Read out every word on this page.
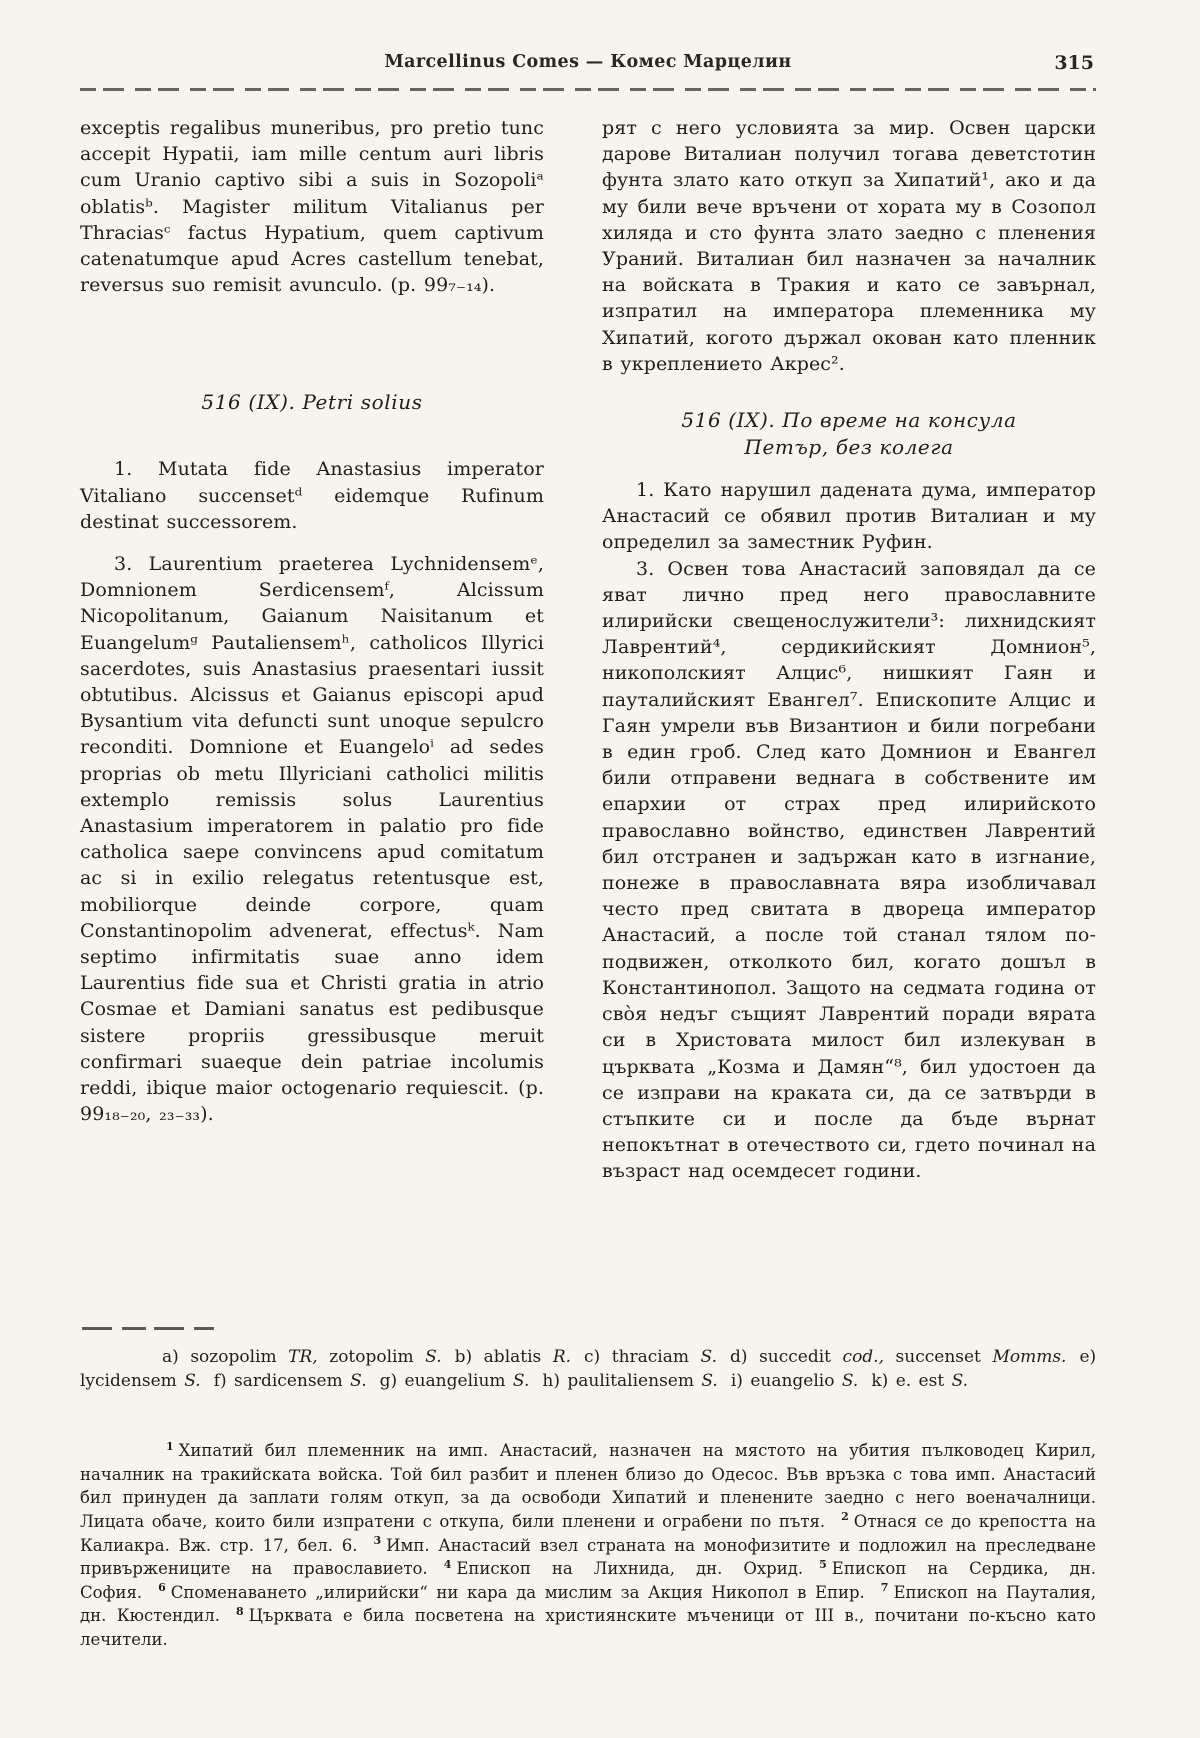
Marcellinus Comes — Комес Марцелин	315

exceptis regalibus muneribus, pro pretio tunc accepit Hypatii, iam mille centum auri libris cum Uranio captivo sibi a suis in Sozopoliᵃ oblatisᵇ. Magister militum Vitalianus per Thraciasᶜ factus Hypatium, quem captivum catenatumque apud Acres castellum tenebat, reversus suo remisit avunculo. (p. 99₇₋₁₄).

516 (IX). Petri solius

1. Mutata fide Anastasius imperator Vitaliano succensetᵈ eidemque Rufinum destinat successorem.

3. Laurentium praeterea Lychnidensemᵉ, Domnionem Serdicensemᶠ, Alcissum Nicopolitanum, Gaianum Naisitanum et Euangelumᵍ Pautaliensemʰ, catholicos Illyrici sacerdotes, suis Anastasius praesentari iussit obtutibus. Alcissus et Gaianus episcopi apud Bysantium vita defuncti sunt unoque sepulcro reconditi. Domnione et Euangeloⁱ ad sedes proprias ob metu Illyriciani catholici militis extemplo remissis solus Laurentius Anastasium imperatorem in palatio pro fide catholica saepe convincens apud comitatum ac si in exilio relegatus retentusque est, mobiliorque deinde corpore, quam Constantinopolim advenerat, effectusᵏ. Nam septimo infirmitatis suae anno idem Laurentius fide sua et Christi gratia in atrio Cosmae et Damiani sanatus est pedibusque sistere propriis gressibusque meruit confirmari suaeque dein patriae incolumis reddi, ibique maior octogenario requiescit. (p. 99₁₈₋₂₀, ₂₃₋₃₃).

рят с него условията за мир. Освен царски дарове Виталиан получил тогава деветстотин фунта злато като откуп за Хипатий¹, ако и да му били вече връчени от хората му в Созопол хиляда и сто фунта злато заедно с пленения Ураний. Виталиан бил назначен за началник на войската в Тракия и като се завърнал, изпратил на императора племенника му Хипатий, когото държал окован като пленник в укреплението Акрес².

516 (IX). По време на консула Петър, без колега

1. Като нарушил дадената дума, император Анастасий се обявил против Виталиан и му определил за заместник Руфин.

3. Освен това Анастасий заповядал да се яват лично пред него православните илирийски свещенослужители³: лихнидският Лаврентий⁴, сердикийският Домнион⁵, никополският Алцис⁶, нишкият Гаян и пауталийският Евангел⁷. Епископите Алцис и Гаян умрели във Византион и били погребани в един гроб. След като Домнион и Евангел били отправени веднага в собствените им епархии от страх пред илирийското православно войнство, единствен Лаврентий бил отстранен и задържан като в изгнание, понеже в православната вяра изобличавал често пред свитата в двореца император Анастасий, а после той станал тялом по-подвижен, отколкото бил, когато дошъл в Константинопол. Защото на седмата година от свòя недъг същият Лаврентий поради вярата си в Христовата милост бил излекуван в църквата „Козма и Дамян“⁸, бил удостоен да се изправи на краката си, да се затвърди в стъпките си и после да бъде върнат непокътнат в отечеството си, гдето починал на възраст над осемдесет години.

a) sozopolim TR, zotopolim S. b) ablatis R. c) thraciam S. d) succedit cod., succenset Momms. e) lycidensem S. f) sardicensem S. g) euangelium S. h) paulitaliensem S. i) euangelio S. k) e. est S.

$^1$ Хипатий бил племенник на имп. Анастасий, назначен на мястото на убития пълководец Кирил, началник на тракийската войска. Той бил разбит и пленен близо до Одесос. Във връзка с това имп. Анастасий бил принуден да заплати голям откуп, за да освободи Хипатий и пленените заедно с него военачалници. Лицата обаче, които били изпратени с откупа, били пленени и ограбени по пътя. $^2$ Отнася се до крепостта на Калиакра. Вж. стр. 17, бел. 6. $^3$ Имп. Анастасий взел страната на монофизитите и подложил на преследване привържениците на православието. $^4$ Епископ на Лихнида, дн. Охрид. $^5$ Епископ на Сердика, дн. София. $^6$ Споменаването „илирийски“ ни кара да мислим за Акция Никопол в Епир. $^7$ Епископ на Пауталия, дн. Кюстендил. $^8$ Църквата е била посветена на християнските мъченици от III в., почитани по-късно като лечители.
